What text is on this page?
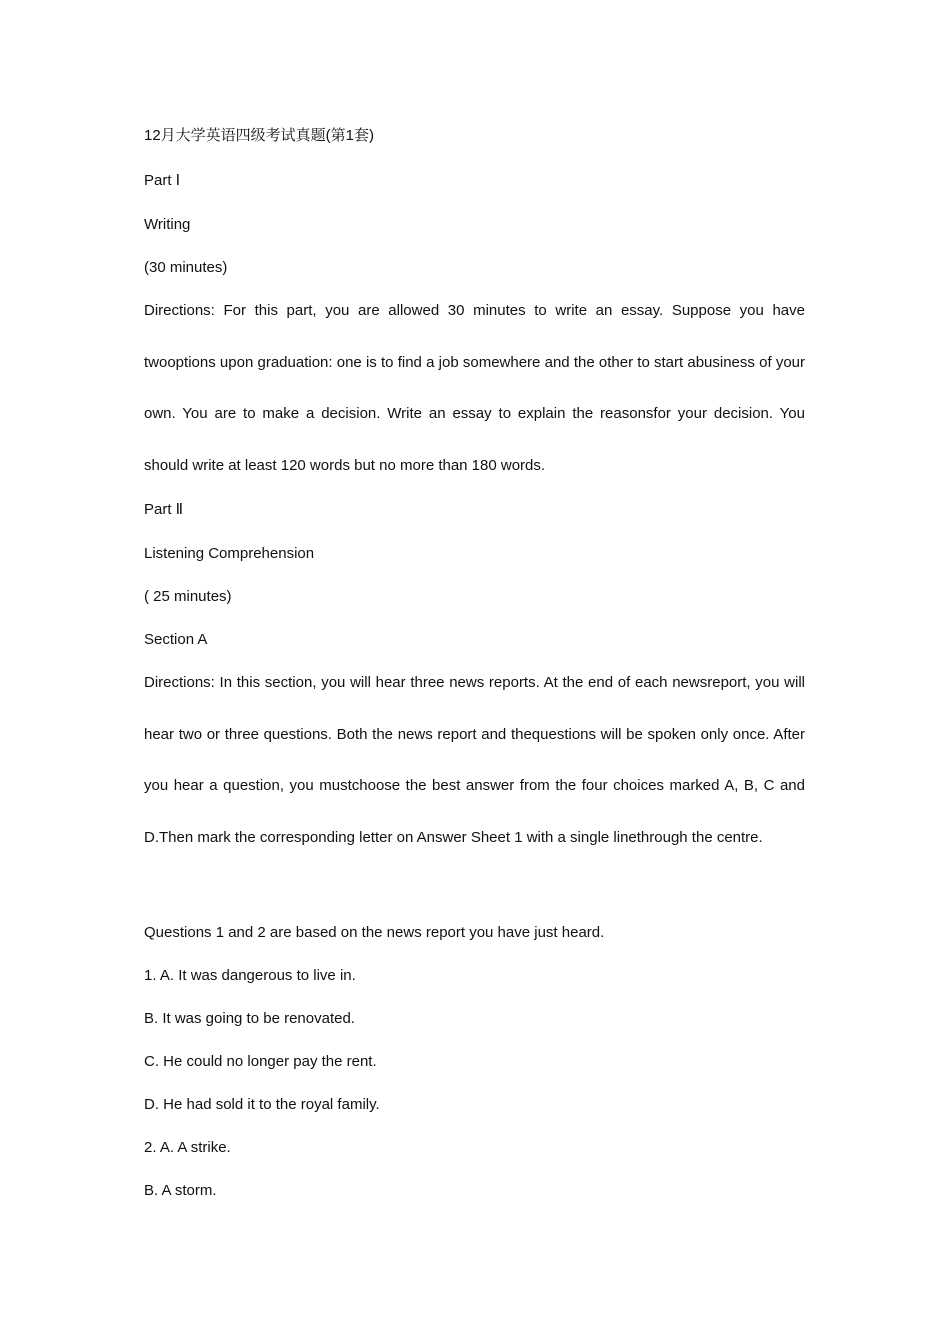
12月大学英语四级考试真题(第1套)
Part Ⅰ
Writing
(30 minutes)
Directions: For this part, you are allowed 30 minutes to write an essay. Suppose you have twooptions upon graduation: one is to find a job somewhere and the other to start abusiness of your own. You are to make a decision. Write an essay to explain the reasonsfor your decision. You should write at least 120 words but no more than 180 words.
Part Ⅱ
Listening Comprehension
( 25 minutes)
Section A
Directions: In this section, you will hear three news reports. At the end of each newsreport, you will hear two or three questions. Both the news report and thequestions will be spoken only once. After you hear a question, you mustchoose the best answer from the four choices marked A, B, C and D.Then mark the corresponding letter on Answer Sheet 1 with a single linethrough the centre.
Questions 1 and 2 are based on the news report you have just heard.
1. A. It was dangerous to live in.
B. It was going to be renovated.
C. He could no longer pay the rent.
D. He had sold it to the royal family.
2. A. A strike.
B. A storm.
